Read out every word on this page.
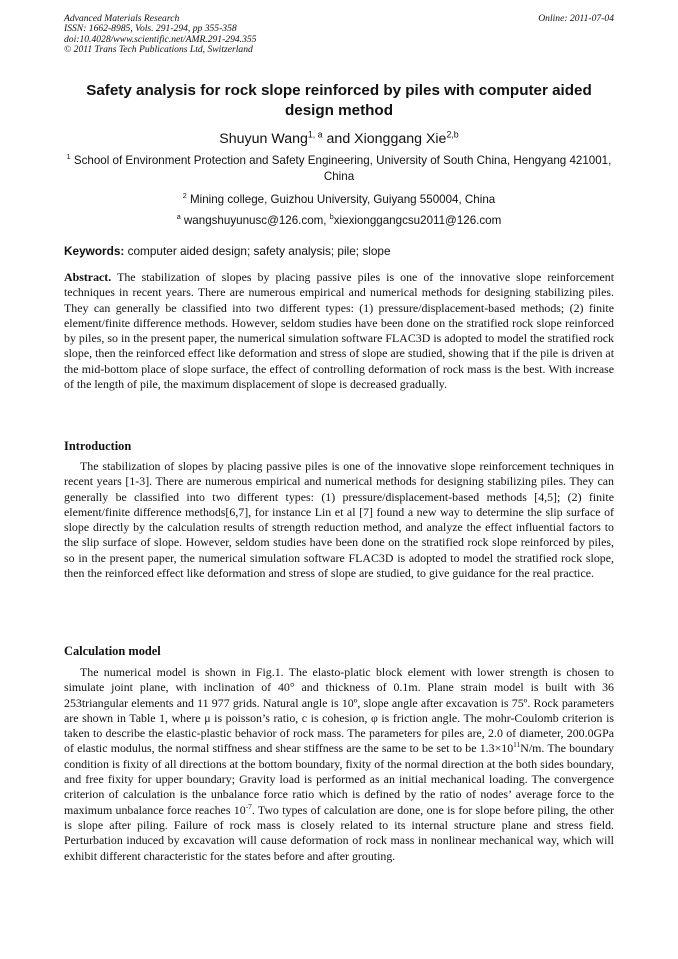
Advanced Materials Research
ISSN: 1662-8985, Vols. 291-294, pp 355-358
doi:10.4028/www.scientific.net/AMR.291-294.355
© 2011 Trans Tech Publications Ltd, Switzerland
Online: 2011-07-04
Safety analysis for rock slope reinforced by piles with computer aided design method
Shuyun Wang$^{1, a}$ and Xionggang Xie$^{2,b}$
$^1$ School of Environment Protection and Safety Engineering, University of South China, Hengyang 421001, China
$^2$ Mining college, Guizhou University, Guiyang 550004, China
$^a$ wangshuyunusc@126.com, $^b$xiexionggangcsu2011@126.com
Keywords: computer aided design; safety analysis; pile; slope
Abstract. The stabilization of slopes by placing passive piles is one of the innovative slope reinforcement techniques in recent years. There are numerous empirical and numerical methods for designing stabilizing piles. They can generally be classified into two different types: (1) pressure/displacement-based methods; (2) finite element/finite difference methods. However, seldom studies have been done on the stratified rock slope reinforced by piles, so in the present paper, the numerical simulation software FLAC3D is adopted to model the stratified rock slope, then the reinforced effect like deformation and stress of slope are studied, showing that if the pile is driven at the mid-bottom place of slope surface, the effect of controlling deformation of rock mass is the best. With increase of the length of pile, the maximum displacement of slope is decreased gradually.
Introduction
The stabilization of slopes by placing passive piles is one of the innovative slope reinforcement techniques in recent years [1-3]. There are numerous empirical and numerical methods for designing stabilizing piles. They can generally be classified into two different types: (1) pressure/displacement-based methods [4,5]; (2) finite element/finite difference methods[6,7], for instance Lin et al [7] found a new way to determine the slip surface of slope directly by the calculation results of strength reduction method, and analyze the effect influential factors to the slip surface of slope. However, seldom studies have been done on the stratified rock slope reinforced by piles, so in the present paper, the numerical simulation software FLAC3D is adopted to model the stratified rock slope, then the reinforced effect like deformation and stress of slope are studied, to give guidance for the real practice.
Calculation model
The numerical model is shown in Fig.1. The elasto-platic block element with lower strength is chosen to simulate joint plane, with inclination of 40° and thickness of 0.1m. Plane strain model is built with 36 253triangular elements and 11 977 grids. Natural angle is 10º, slope angle after excavation is 75º. Rock parameters are shown in Table 1, where μ is poisson’s ratio, c is cohesion, φ is friction angle. The mohr-Coulomb criterion is taken to describe the elastic-plastic behavior of rock mass. The parameters for piles are, 2.0 of diameter, 200.0GPa of elastic modulus, the normal stiffness and shear stiffness are the same to be set to be $1.3\times 10^{11}N/m$. The boundary condition is fixity of all directions at the bottom boundary, fixity of the normal direction at the both sides boundary, and free fixity for upper boundary; Gravity load is performed as an initial mechanical loading. The convergence criterion of calculation is the unbalance force ratio which is defined by the ratio of nodes’ average force to the maximum unbalance force reaches $10^{-7}$. Two types of calculation are done, one is for slope before piling, the other is slope after piling. Failure of rock mass is closely related to its internal structure plane and stress field. Perturbation induced by excavation will cause deformation of rock mass in nonlinear mechanical way, which will exhibit different characteristic for the states before and after grouting.
